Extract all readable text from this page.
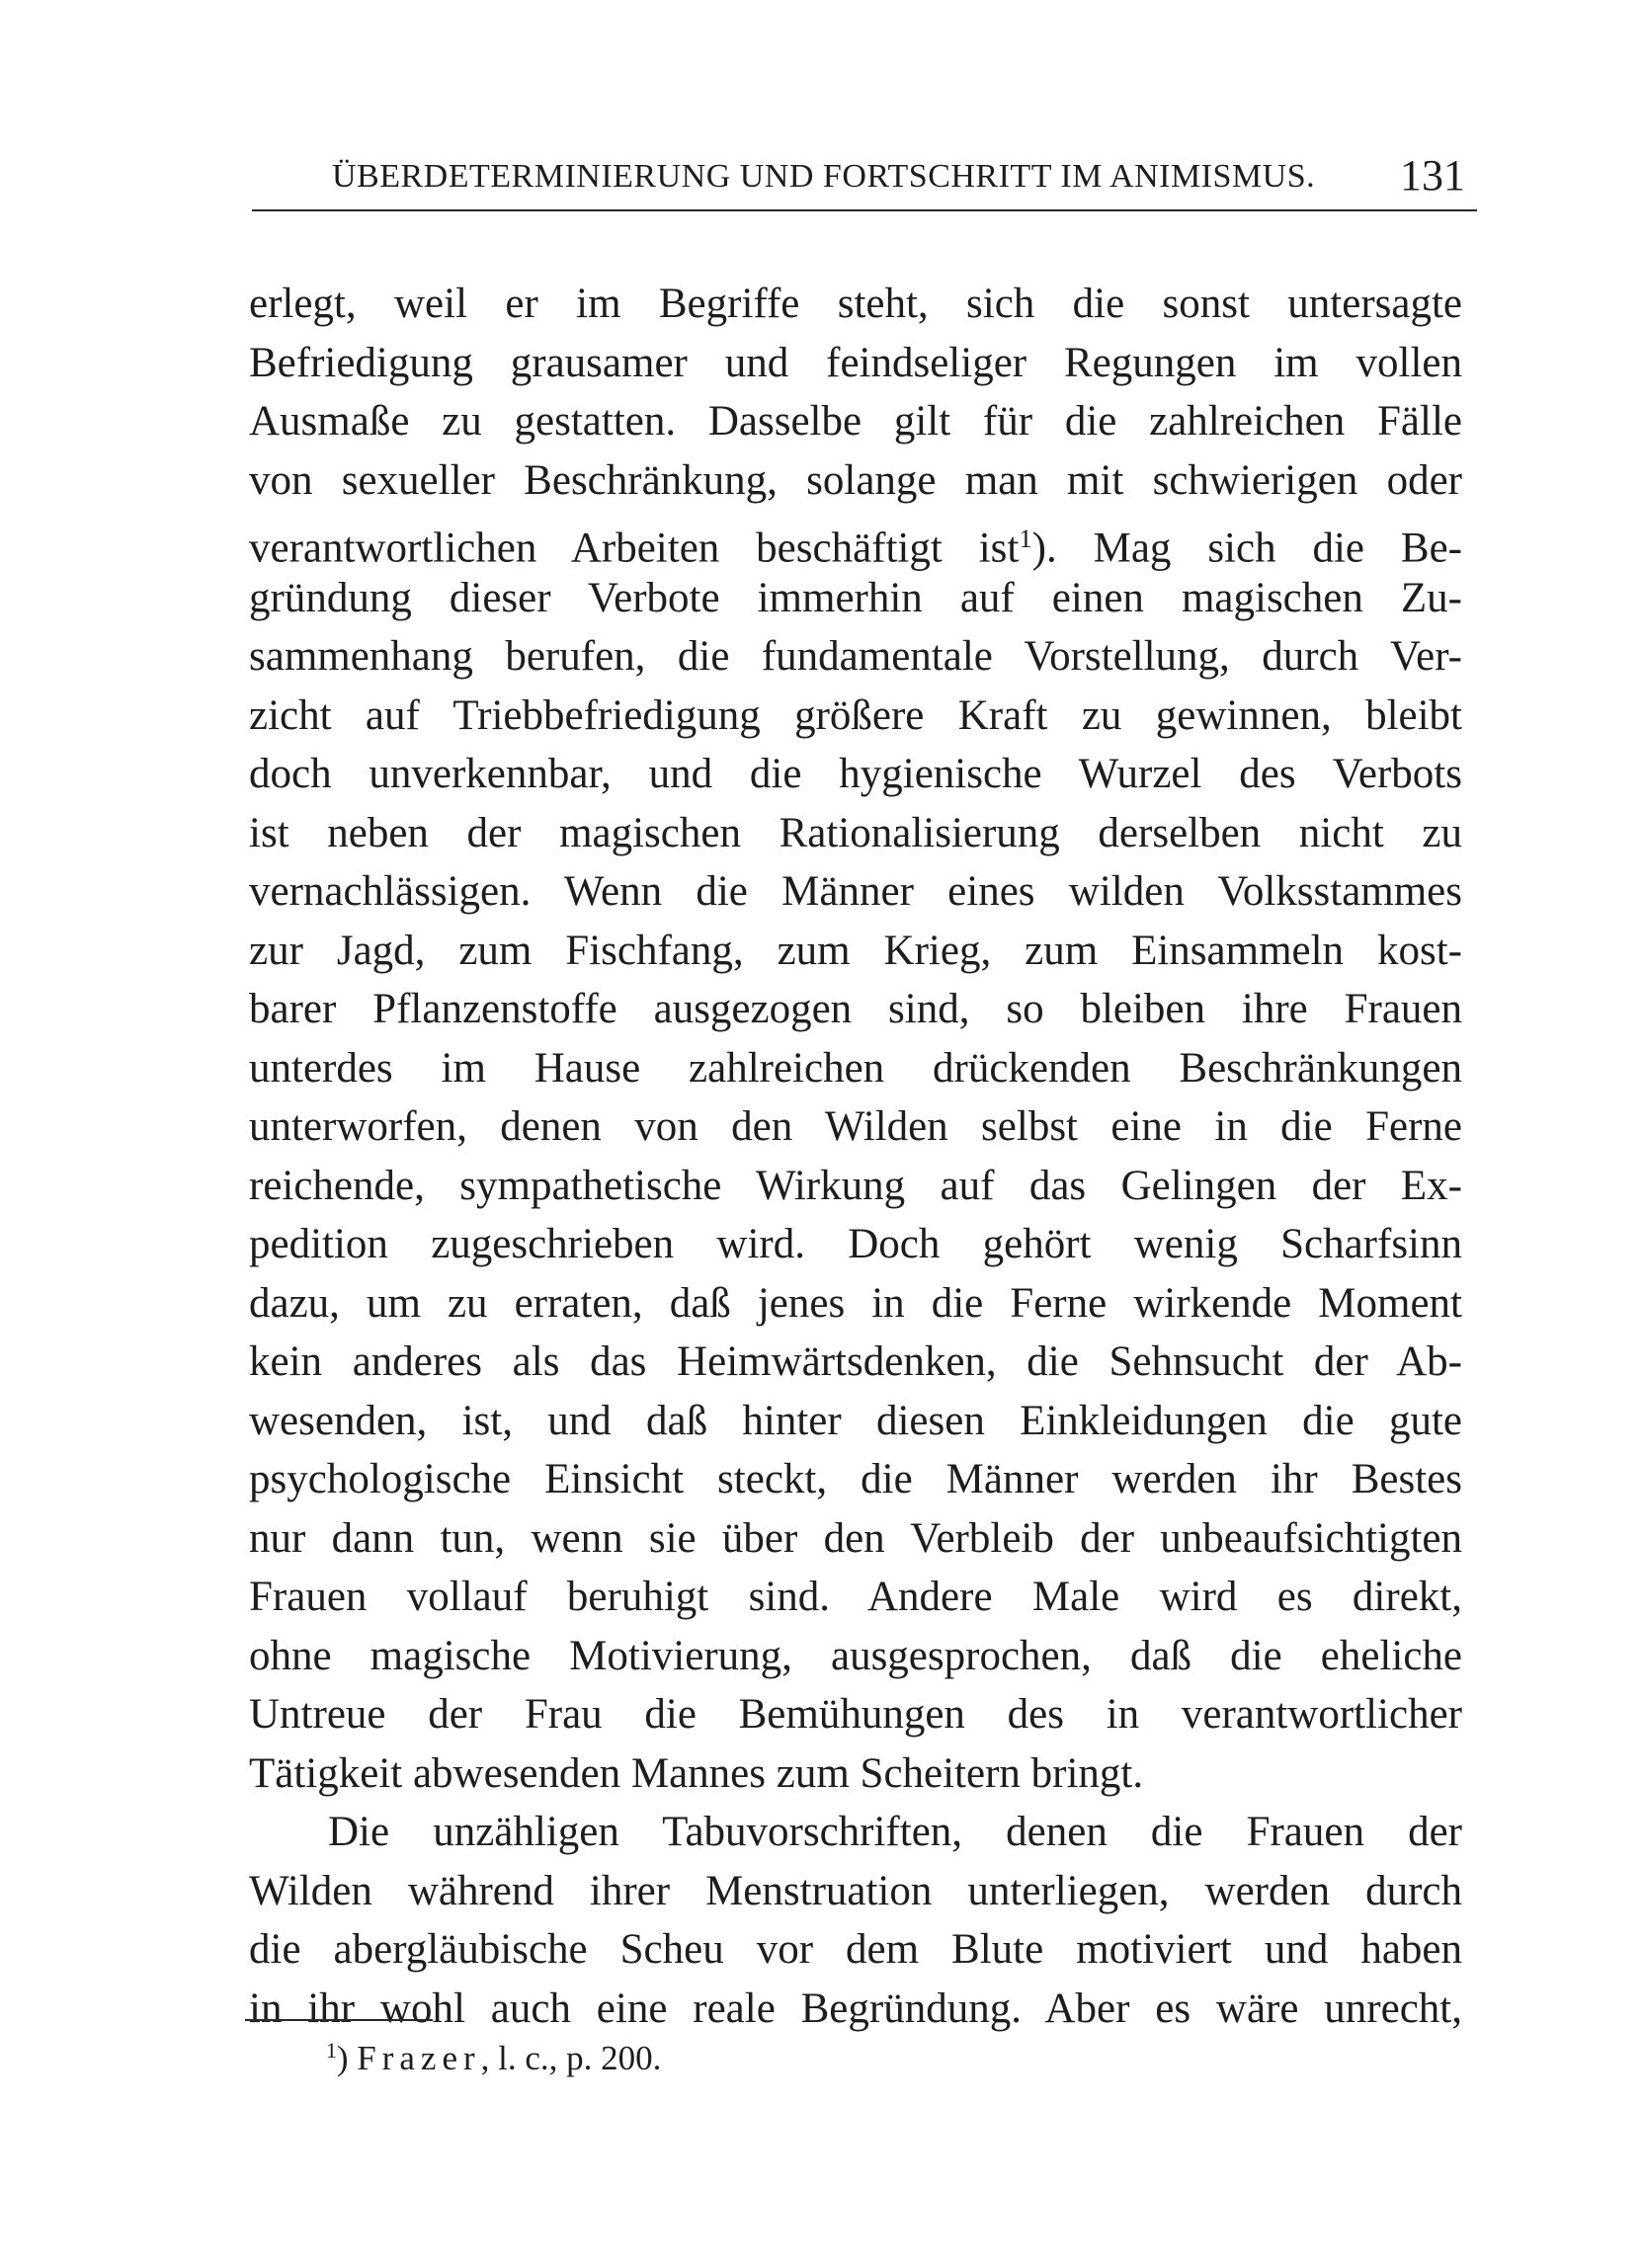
ÜBERDETERMINIERUNG UND FORTSCHRITT IM ANIMISMUS. 131
erlegt, weil er im Begriffe steht, sich die sonst untersagte
Befriedigung grausamer und feindseliger Regungen im vollen
Ausmaße zu gestatten. Dasselbe gilt für die zahlreichen Fälle
von sexueller Beschränkung, solange man mit schwierigen oder
verantwortlichen Arbeiten beschäftigt ist$^1$). Mag sich die Be-
gründung dieser Verbote immerhin auf einen magischen Zu-
sammenhang berufen, die fundamentale Vorstellung, durch Ver-
zicht auf Triebbefriedigung größere Kraft zu gewinnen, bleibt
doch unverkennbar, und die hygienische Wurzel des Verbots
ist neben der magischen Rationalisierung derselben nicht zu
vernachlässigen. Wenn die Männer eines wilden Volksstammes
zur Jagd, zum Fischfang, zum Krieg, zum Einsammeln kost-
barer Pflanzenstoffe ausgezogen sind, so bleiben ihre Frauen
unterdes im Hause zahlreichen drückenden Beschränkungen
unterworfen, denen von den Wilden selbst eine in die Ferne
reichende, sympathetische Wirkung auf das Gelingen der Ex-
pedition zugeschrieben wird. Doch gehört wenig Scharfsinn
dazu, um zu erraten, daß jenes in die Ferne wirkende Moment
kein anderes als das Heimwärtsdenken, die Sehnsucht der Ab-
wesenden, ist, und daß hinter diesen Einkleidungen die gute
psychologische Einsicht steckt, die Männer werden ihr Bestes
nur dann tun, wenn sie über den Verbleib der unbeaufsichtigten
Frauen vollauf beruhigt sind. Andere Male wird es direkt,
ohne magische Motivierung, ausgesprochen, daß die eheliche
Untreue der Frau die Bemühungen des in verantwortlicher
Tätigkeit abwesenden Mannes zum Scheitern bringt.
Die unzähligen Tabuvorschriften, denen die Frauen der
Wilden während ihrer Menstruation unterliegen, werden durch
die abergläubische Scheu vor dem Blute motiviert und haben
in ihr wohl auch eine reale Begründung. Aber es wäre unrecht,
$^1$) Frazer, l. c., p. 200.
